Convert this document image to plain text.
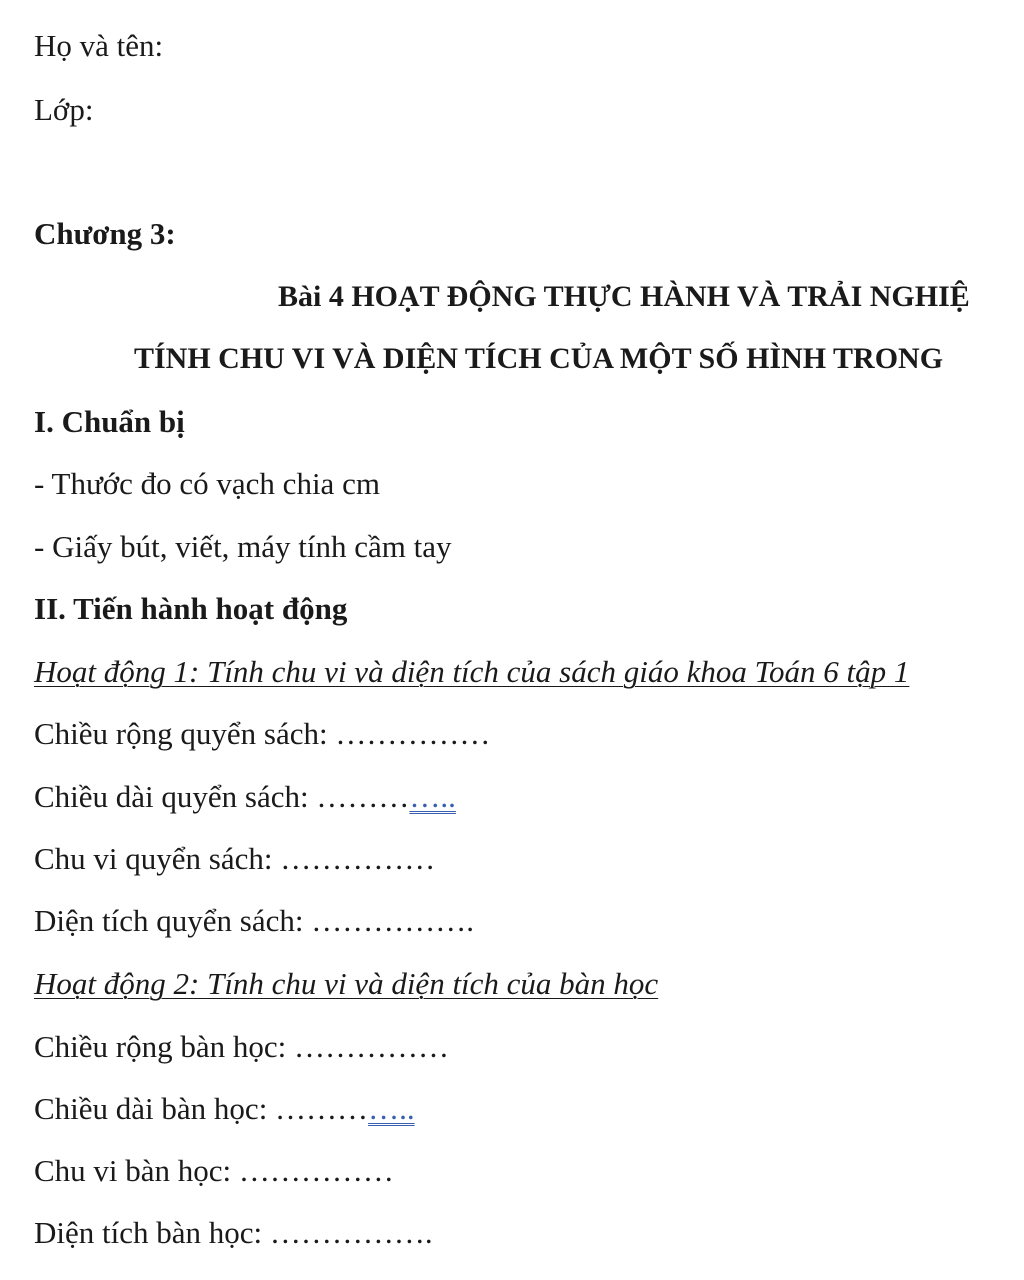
Họ và tên:
Lớp:
Chương 3:
Bài 4 HOẠT ĐỘNG THỰC HÀNH VÀ TRẢI NGHIỆ
TÍNH CHU VI VÀ DIỆN TÍCH CỦA MỘT SỐ HÌNH TRONG
I. Chuẩn bị
- Thước đo có vạch chia cm
- Giấy bút, viết, máy tính cầm tay
II. Tiến hành hoạt động
Hoạt động 1: Tính chu vi và diện tích của sách giáo khoa Toán 6 tập 1
Chiều rộng quyển sách: ……………
Chiều dài quyển sách: …………..
Chu vi quyển sách: ……………
Diện tích quyển sách: …………….
Hoạt động 2: Tính chu vi và diện tích của bàn học
Chiều rộng bàn học: ……………
Chiều dài bàn học: …………..
Chu vi bàn học: ……………
Diện tích bàn học: …………….
